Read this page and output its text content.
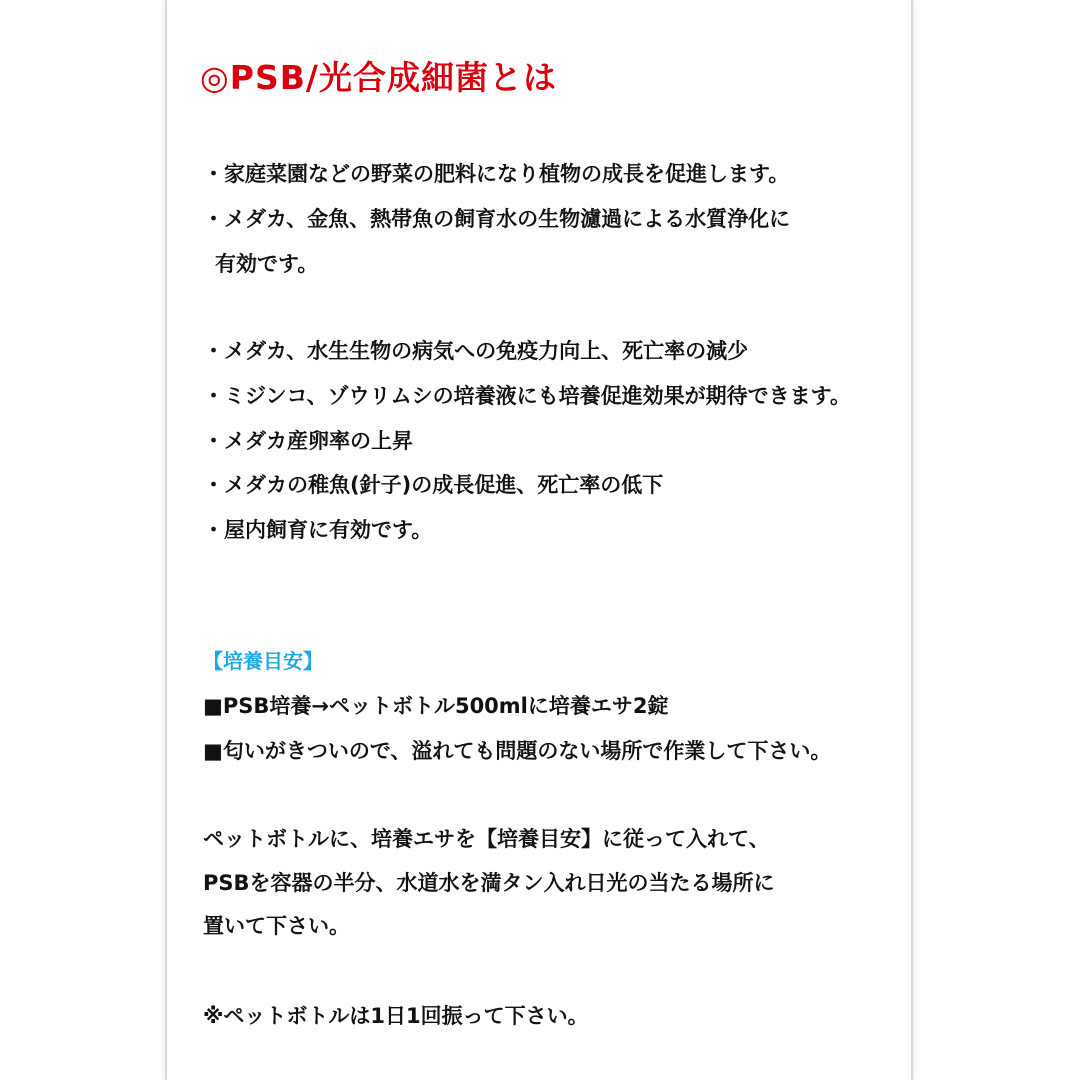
◎PSB/光合成細菌とは
・家庭菜園などの野菜の肥料になり植物の成長を促進します。
・メダカ、金魚、熱帯魚の飼育水の生物濾過による水質浄化に
有効です。
・メダカ、水生生物の病気への免疫力向上、死亡率の減少
・ミジンコ、ゾウリムシの培養液にも培養促進効果が期待できます。
・メダカ産卵率の上昇
・メダカの稚魚(針子)の成長促進、死亡率の低下
・屋内飼育に有効です。
【培養目安】
■PSB培養→ペットボトル500mlに培養エサ2錠
■匂いがきついので、溢れても問題のない場所で作業して下さい。
ペットボトルに、培養エサを【培養目安】に従って入れて、
PSBを容器の半分、水道水を満タン入れ日光の当たる場所に
置いて下さい。
※ペットボトルは1日1回振って下さい。
